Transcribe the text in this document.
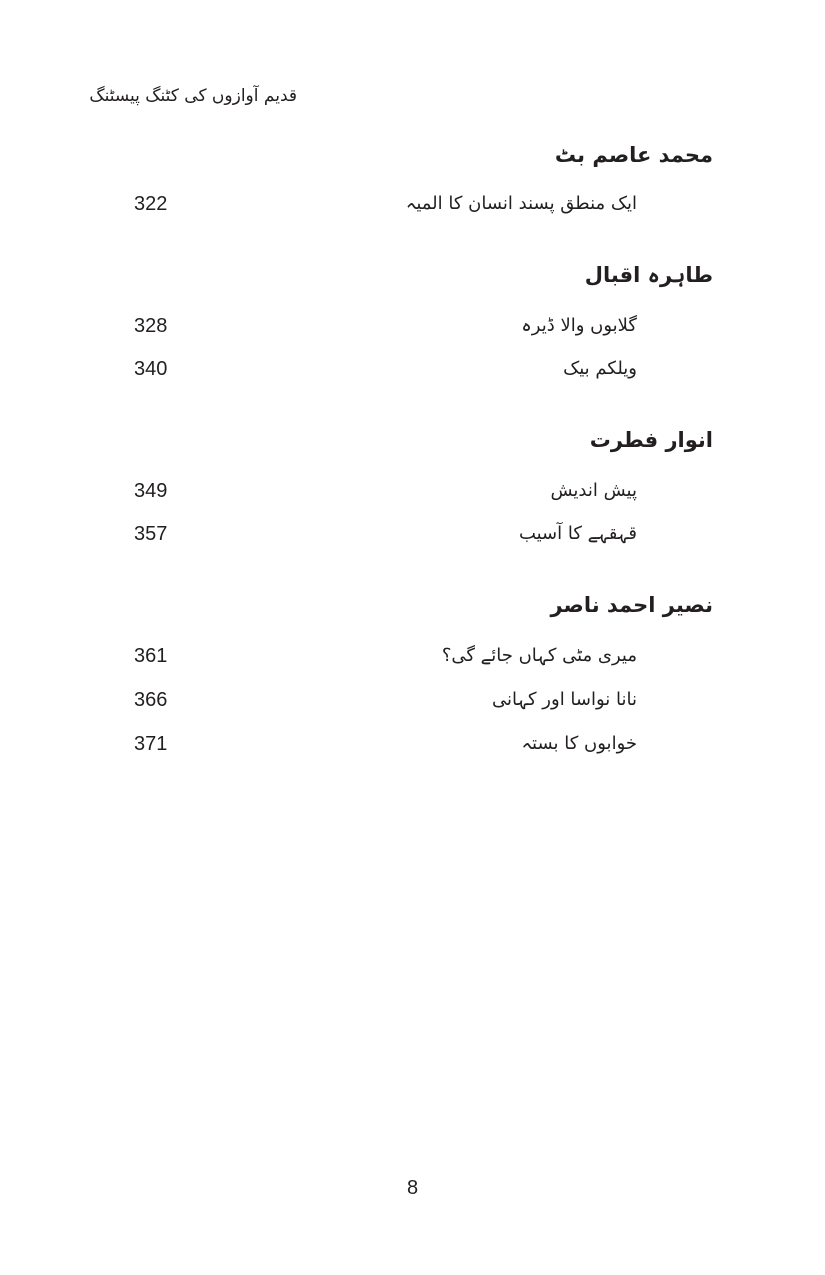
قدیم آوازوں کی کٹنگ پیسٹنگ
محمد عاصم بٹ
ایک منطق پسند انسان کا المیہ
322
طاہرہ اقبال
گلابوں والا ڈیرہ
328
ویلکم بیک
340
انوار فطرت
پیش اندیش
349
قہقہے کا آسیب
357
نصیر احمد ناصر
میری مٹی کہاں جائے گی؟
361
نانا نواسا اور کہانی
366
خوابوں کا بستہ
371
8
